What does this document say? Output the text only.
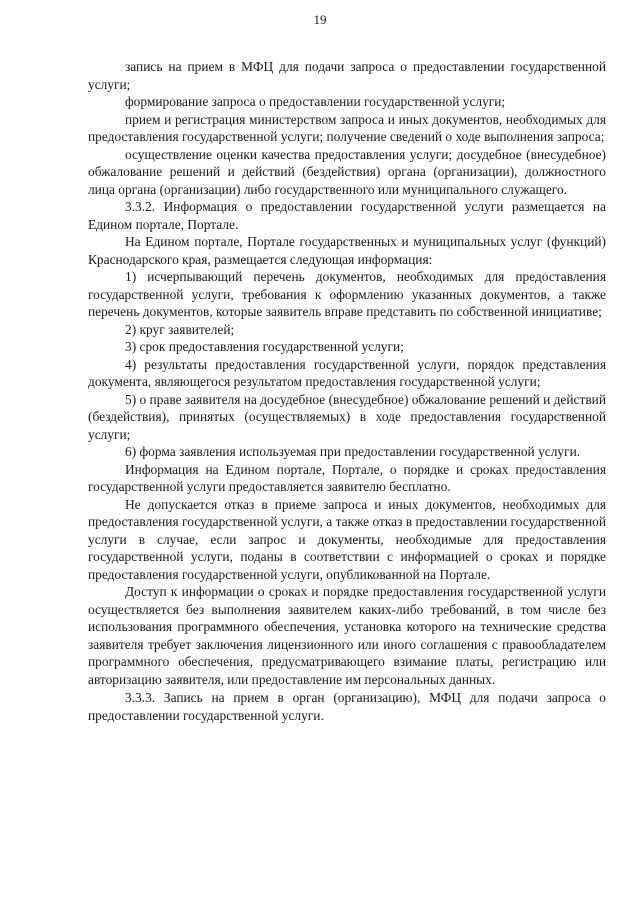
19

запись на прием в МФЦ для подачи запроса о предоставлении государственной услуги;

формирование запроса о предоставлении государственной услуги;

прием и регистрация министерством запроса и иных документов, необходимых для предоставления государственной услуги; получение сведений о ходе выполнения запроса;

осуществление оценки качества предоставления услуги; досудебное (внесудебное) обжалование решений и действий (бездействия) органа (организации), должностного лица органа (организации) либо государственного или муниципального служащего.

3.3.2. Информация о предоставлении государственной услуги размещается на Едином портале, Портале.

На Едином портале, Портале государственных и муниципальных услуг (функций) Краснодарского края, размещается следующая информация:

1) исчерпывающий перечень документов, необходимых для предоставления государственной услуги, требования к оформлению указанных документов, а также перечень документов, которые заявитель вправе представить по собственной инициативе;

2) круг заявителей;

3) срок предоставления государственной услуги;

4) результаты предоставления государственной услуги, порядок представления документа, являющегося результатом предоставления государственной услуги;

5) о праве заявителя на досудебное (внесудебное) обжалование решений и действий (бездействия), принятых (осуществляемых) в ходе предоставления государственной услуги;

6) форма заявления используемая при предоставлении государственной услуги.

Информация на Едином портале, Портале, о порядке и сроках предоставления государственной услуги предоставляется заявителю бесплатно.

Не допускается отказ в приеме запроса и иных документов, необходимых для предоставления государственной услуги, а также отказ в предоставлении государственной услуги в случае, если запрос и документы, необходимые для предоставления государственной услуги, поданы в соответствии с информацией о сроках и порядке предоставления государственной услуги, опубликованной на Портале.

Доступ к информации о сроках и порядке предоставления государственной услуги осуществляется без выполнения заявителем каких-либо требований, в том числе без использования программного обеспечения, установка которого на технические средства заявителя требует заключения лицензионного или иного соглашения с правообладателем программного обеспечения, предусматривающего взимание платы, регистрацию или авторизацию заявителя, или предоставление им персональных данных.

3.3.3. Запись на прием в орган (организацию), МФЦ для подачи запроса о предоставлении государственной услуги.
